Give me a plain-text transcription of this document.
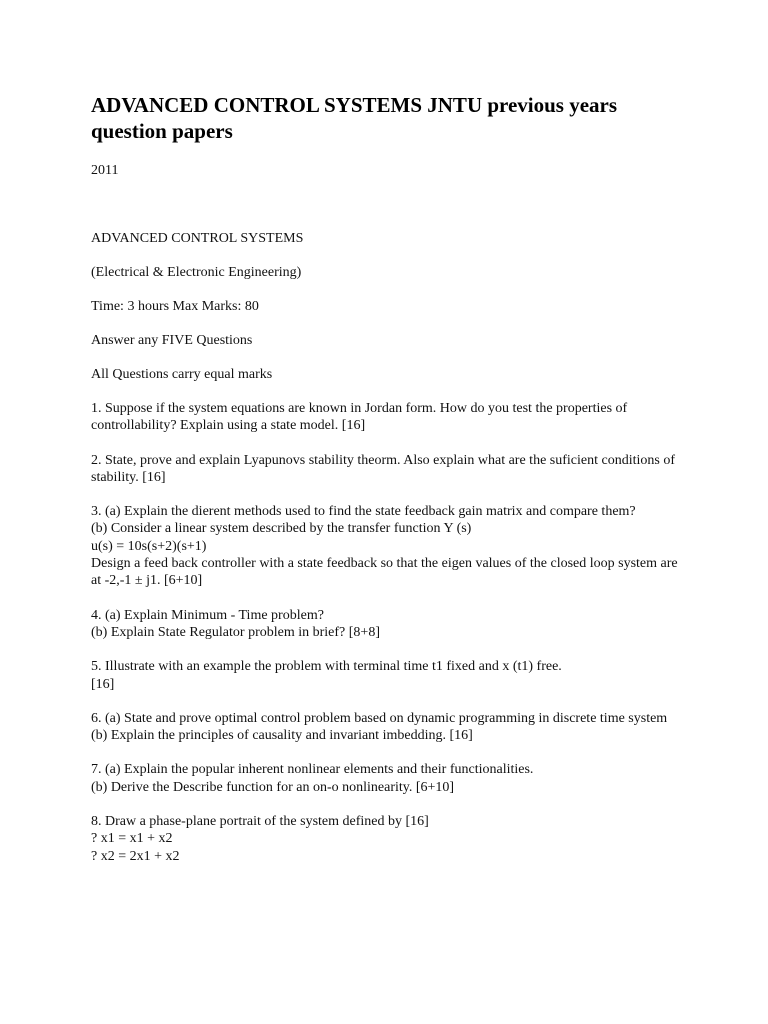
ADVANCED CONTROL SYSTEMS JNTU previous years question papers

2011

ADVANCED CONTROL SYSTEMS

(Electrical & Electronic Engineering)

Time: 3 hours Max Marks: 80

Answer any FIVE Questions

All Questions carry equal marks

1. Suppose if the system equations are known in Jordan form. How do you test the properties of controllability? Explain using a state model. [16]

2. State, prove and explain Lyapunovs stability theorm. Also explain what are the suficient conditions of stability. [16]

3. (a) Explain the dierent methods used to find the state feedback gain matrix and compare them?
(b) Consider a linear system described by the transfer function Y (s)
u(s) = 10s(s+2)(s+1)
Design a feed back controller with a state feedback so that the eigen values of the closed loop system are at -2,-1 ± j1. [6+10]

4. (a) Explain Minimum - Time problem?
(b) Explain State Regulator problem in brief? [8+8]

5. Illustrate with an example the problem with terminal time t1 fixed and x (t1) free.
[16]

6. (a) State and prove optimal control problem based on dynamic programming in discrete time system
(b) Explain the principles of causality and invariant imbedding. [16]

7. (a) Explain the popular inherent nonlinear elements and their functionalities.
(b) Derive the Describe function for an on-o nonlinearity. [6+10]

8. Draw a phase-plane portrait of the system defined by [16]
? x1 = x1 + x2
? x2 = 2x1 + x2
